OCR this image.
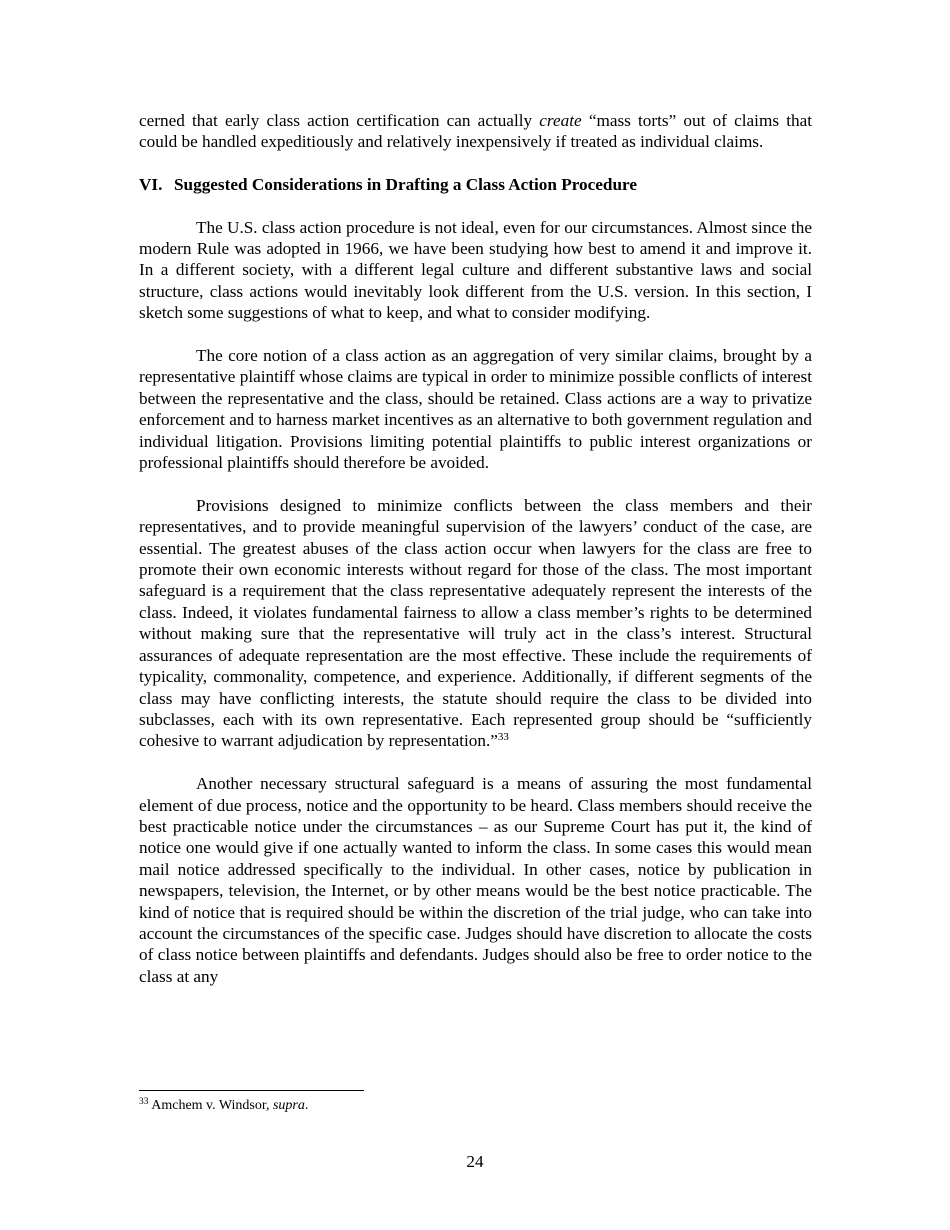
cerned that early class action certification can actually create “mass torts” out of claims that could be handled expeditiously and relatively inexpensively if treated as individual claims.

VI. Suggested Considerations in Drafting a Class Action Procedure

The U.S. class action procedure is not ideal, even for our circumstances. Almost since the modern Rule was adopted in 1966, we have been studying how best to amend it and improve it. In a different society, with a different legal culture and different substantive laws and social structure, class actions would inevitably look different from the U.S. version. In this section, I sketch some suggestions of what to keep, and what to consider modifying.

The core notion of a class action as an aggregation of very similar claims, brought by a representative plaintiff whose claims are typical in order to minimize possible conflicts of interest between the representative and the class, should be retained. Class actions are a way to privatize enforcement and to harness market incentives as an alternative to both government regulation and individual litigation. Provisions limiting potential plaintiffs to public interest organizations or professional plaintiffs should therefore be avoided.

Provisions designed to minimize conflicts between the class members and their representatives, and to provide meaningful supervision of the lawyers’ conduct of the case, are essential. The greatest abuses of the class action occur when lawyers for the class are free to promote their own economic interests without regard for those of the class. The most important safeguard is a requirement that the class representative adequately represent the interests of the class. Indeed, it violates fundamental fairness to allow a class member’s rights to be determined without making sure that the representative will truly act in the class’s interest. Structural assurances of adequate representation are the most effective. These include the requirements of typicality, commonality, competence, and experience. Additionally, if different segments of the class may have conflicting interests, the statute should require the class to be divided into subclasses, each with its own representative. Each represented group should be “sufficiently cohesive to warrant adjudication by representation.”$^{33}$

Another necessary structural safeguard is a means of assuring the most fundamental element of due process, notice and the opportunity to be heard. Class members should receive the best practicable notice under the circumstances – as our Supreme Court has put it, the kind of notice one would give if one actually wanted to inform the class. In some cases this would mean mail notice addressed specifically to the individual. In other cases, notice by publication in newspapers, television, the Internet, or by other means would be the best notice practicable. The kind of notice that is required should be within the discretion of the trial judge, who can take into account the circumstances of the specific case. Judges should have discretion to allocate the costs of class notice between plaintiffs and defendants. Judges should also be free to order notice to the class at any

$^{33}$ Amchem v. Windsor, supra.
24
